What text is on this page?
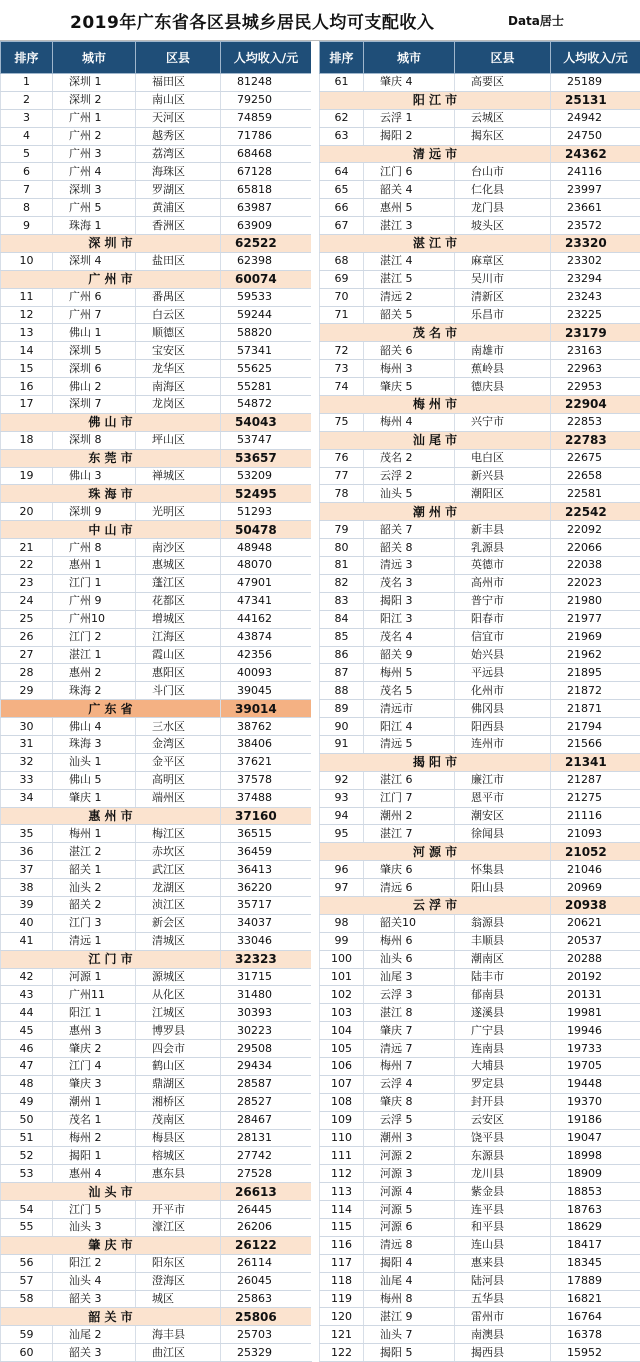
2019年广东省各区县城乡居民人均可支配收入	Data居士
排序	城市	区县	人均收入/元
1	深圳 1	福田区	81248
2	深圳 2	南山区	79250
3	广州 1	天河区	74859
4	广州 2	越秀区	71786
5	广州 3	荔湾区	68468
6	广州 4	海珠区	67128
7	深圳 3	罗湖区	65818
8	广州 5	黄浦区	63987
9	珠海 1	香洲区	63909
深 圳 市			62522
10	深圳 4	盐田区	62398
广 州 市			60074
11	广州 6	番禺区	59533
12	广州 7	白云区	59244
13	佛山 1	顺德区	58820
14	深圳 5	宝安区	57341
15	深圳 6	龙华区	55625
16	佛山 2	南海区	55281
17	深圳 7	龙岗区	54872
佛 山 市			54043
18	深圳 8	坪山区	53747
东 莞 市			53657
19	佛山 3	禅城区	53209
珠 海 市			52495
20	深圳 9	光明区	51293
中 山 市			50478
21	广州 8	南沙区	48948
22	惠州 1	惠城区	48070
23	江门 1	蓬江区	47901
24	广州 9	花都区	47341
25	广州10	增城区	44162
26	江门 2	江海区	43874
27	湛江 1	霞山区	42356
28	惠州 2	惠阳区	40093
29	珠海 2	斗门区	39045
广 东 省			39014
30	佛山 4	三水区	38762
31	珠海 3	金湾区	38406
32	汕头 1	金平区	37621
33	佛山 5	高明区	37578
34	肇庆 1	端州区	37488
惠 州 市			37160
35	梅州 1	梅江区	36515
36	湛江 2	赤坎区	36459
37	韶关 1	武江区	36413
38	汕头 2	龙湖区	36220
39	韶关 2	浈江区	35717
40	江门 3	新会区	34037
41	清远 1	清城区	33046
江 门 市			32323
42	河源 1	源城区	31715
43	广州11	从化区	31480
44	阳江 1	江城区	30393
45	惠州 3	博罗县	30223
46	肇庆 2	四会市	29508
47	江门 4	鹤山区	29434
48	肇庆 3	鼎湖区	28587
49	潮州 1	湘桥区	28527
50	茂名 1	茂南区	28467
51	梅州 2	梅县区	28131
52	揭阳 1	榕城区	27742
53	惠州 4	惠东县	27528
汕 头 市			26613
54	江门 5	开平市	26445
55	汕头 3	濠江区	26206
肇 庆 市			26122
56	阳江 2	阳东区	26114
57	汕头 4	澄海区	26045
58	韶关 3	城区	25863
韶 关 市			25806
59	汕尾 2	海丰县	25703
60	韶关 3	曲江区	25329
排序	城市	区县	人均收入/元
61	肇庆 4	高要区	25189
阳 江 市			25131
62	云浮 1	云城区	24942
63	揭阳 2	揭东区	24750
清 远 市			24362
64	江门 6	台山市	24116
65	韶关 4	仁化县	23997
66	惠州 5	龙门县	23661
67	湛江 3	坡头区	23572
湛 江 市			23320
68	湛江 4	麻章区	23302
69	湛江 5	吴川市	23294
70	清远 2	清新区	23243
71	韶关 5	乐昌市	23225
茂 名 市			23179
72	韶关 6	南雄市	23163
73	梅州 3	蕉岭县	22963
74	肇庆 5	德庆县	22953
梅 州 市			22904
75	梅州 4	兴宁市	22853
汕 尾 市			22783
76	茂名 2	电白区	22675
77	云浮 2	新兴县	22658
78	汕头 5	潮阳区	22581
潮 州 市			22542
79	韶关 7	新丰县	22092
80	韶关 8	乳源县	22066
81	清远 3	英德市	22038
82	茂名 3	高州市	22023
83	揭阳 3	普宁市	21980
84	阳江 3	阳春市	21977
85	茂名 4	信宜市	21969
86	韶关 9	始兴县	21962
87	梅州 5	平远县	21895
88	茂名 5	化州市	21872
89	清远市	佛冈县	21871
90	阳江 4	阳西县	21794
91	清远 5	连州市	21566
揭 阳 市			21341
92	湛江 6	廉江市	21287
93	江门 7	恩平市	21275
94	潮州 2	潮安区	21116
95	湛江 7	徐闻县	21093
河 源 市			21052
96	肇庆 6	怀集县	21046
97	清远 6	阳山县	20969
云 浮 市			20938
98	韶关10	翁源县	20621
99	梅州 6	丰顺县	20537
100	汕头 6	潮南区	20288
101	汕尾 3	陆丰市	20192
102	云浮 3	郁南县	20131
103	湛江 8	遂溪县	19981
104	肇庆 7	广宁县	19946
105	清远 7	连南县	19733
106	梅州 7	大埔县	19705
107	云浮 4	罗定县	19448
108	肇庆 8	封开县	19370
109	云浮 5	云安区	19186
110	潮州 3	饶平县	19047
111	河源 2	东源县	18998
112	河源 3	龙川县	18909
113	河源 4	紫金县	18853
114	河源 5	连平县	18763
115	河源 6	和平县	18629
116	清远 8	连山县	18417
117	揭阳 4	惠来县	18345
118	汕尾 4	陆河县	17889
119	梅州 8	五华县	16821
120	湛江 9	雷州市	16764
121	汕头 7	南澳县	16378
122	揭阳 5	揭西县	15952
